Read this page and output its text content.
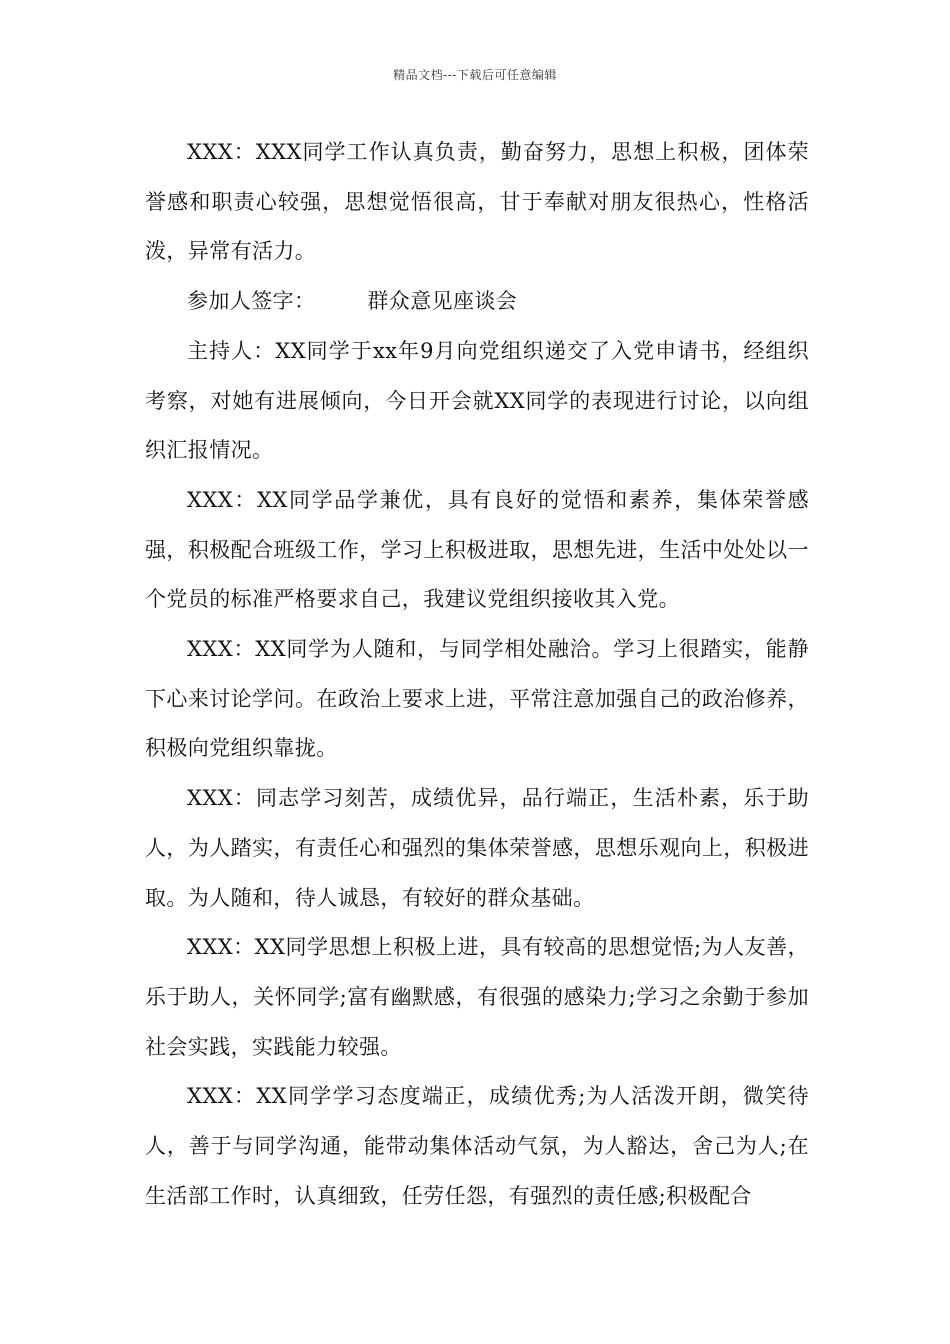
精品文档---下载后可任意编辑

XXX：XXX同学工作认真负责，勤奋努力，思想上积极，团体荣誉感和职责心较强，思想觉悟很高，甘于奉献对朋友很热心，性格活泼，异常有活力。

参加人签字： 群众意见座谈会

主持人：XX同学于xx年9月向党组织递交了入党申请书，经组织考察，对她有进展倾向，今日开会就XX同学的表现进行讨论，以向组织汇报情况。

XXX：XX同学品学兼优，具有良好的觉悟和素养，集体荣誉感强，积极配合班级工作，学习上积极进取，思想先进，生活中处处以一个党员的标准严格要求自己，我建议党组织接收其入党。

XXX：XX同学为人随和，与同学相处融洽。学习上很踏实，能静下心来讨论学问。在政治上要求上进，平常注意加强自己的政治修养，积极向党组织靠拢。

XXX：同志学习刻苦，成绩优异，品行端正，生活朴素，乐于助人，为人踏实，有责任心和强烈的集体荣誉感，思想乐观向上，积极进取。为人随和，待人诚恳，有较好的群众基础。

XXX：XX同学思想上积极上进，具有较高的思想觉悟;为人友善，乐于助人，关怀同学;富有幽默感，有很强的感染力;学习之余勤于参加社会实践，实践能力较强。

XXX：XX同学学习态度端正，成绩优秀;为人活泼开朗，微笑待人，善于与同学沟通，能带动集体活动气氛，为人豁达，舍己为人;在生活部工作时，认真细致，任劳任怨，有强烈的责任感;积极配合
